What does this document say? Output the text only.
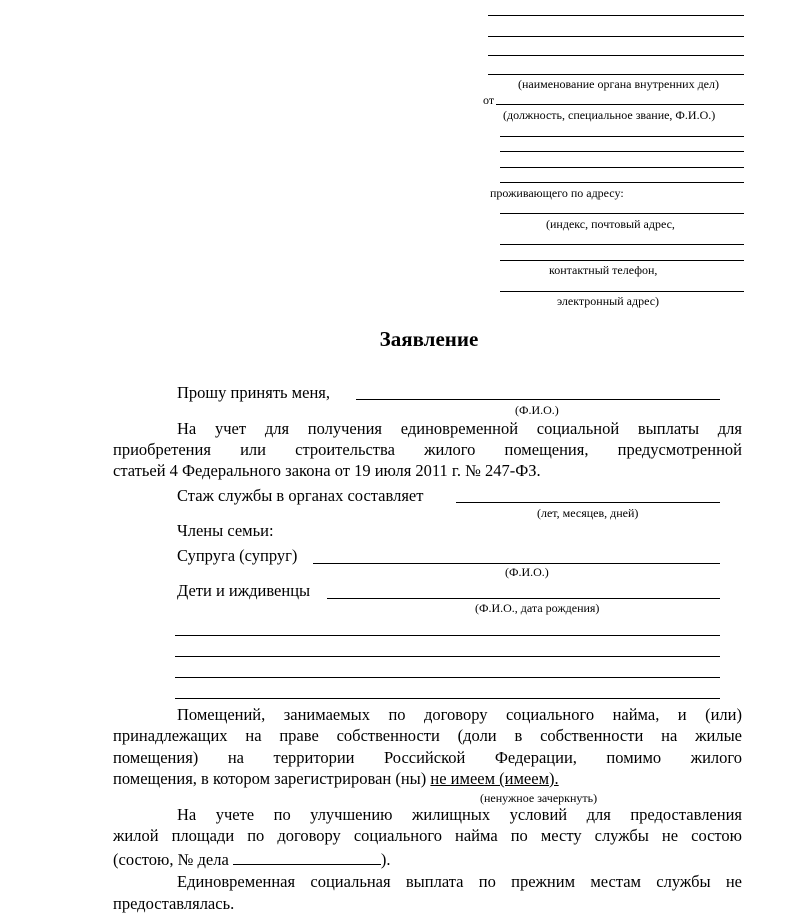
(наименование органа внутренних дел)
от
(должность, специальное звание, Ф.И.О.)
проживающего по адресу:
(индекс, почтовый адрес,
контактный телефон,
электронный адрес)
Заявление
Прошу принять меня,
(Ф.И.О.)
На учет для получения единовременной социальной выплаты для
приобретения или строительства жилого помещения, предусмотренной
статьей 4 Федерального закона от 19 июля 2011 г. № 247-ФЗ.
Стаж службы в органах составляет
(лет, месяцев, дней)
Члены семьи:
Супруга (супруг)
(Ф.И.О.)
Дети и иждивенцы
(Ф.И.О., дата рождения)
Помещений, занимаемых по договору социального найма, и (или)
принадлежащих на праве собственности (доли в собственности на жилые
помещения) на территории Российской Федерации, помимо жилого
помещения, в котором зарегистрирован (ны) не имеем (имеем).
(ненужное зачеркнуть)
На учете по улучшению жилищных условий для предоставления
жилой площади по договору социального найма по месту службы не состою
(состою, № дела	).
Единовременная социальная выплата по прежним местам службы не
предоставлялась.
